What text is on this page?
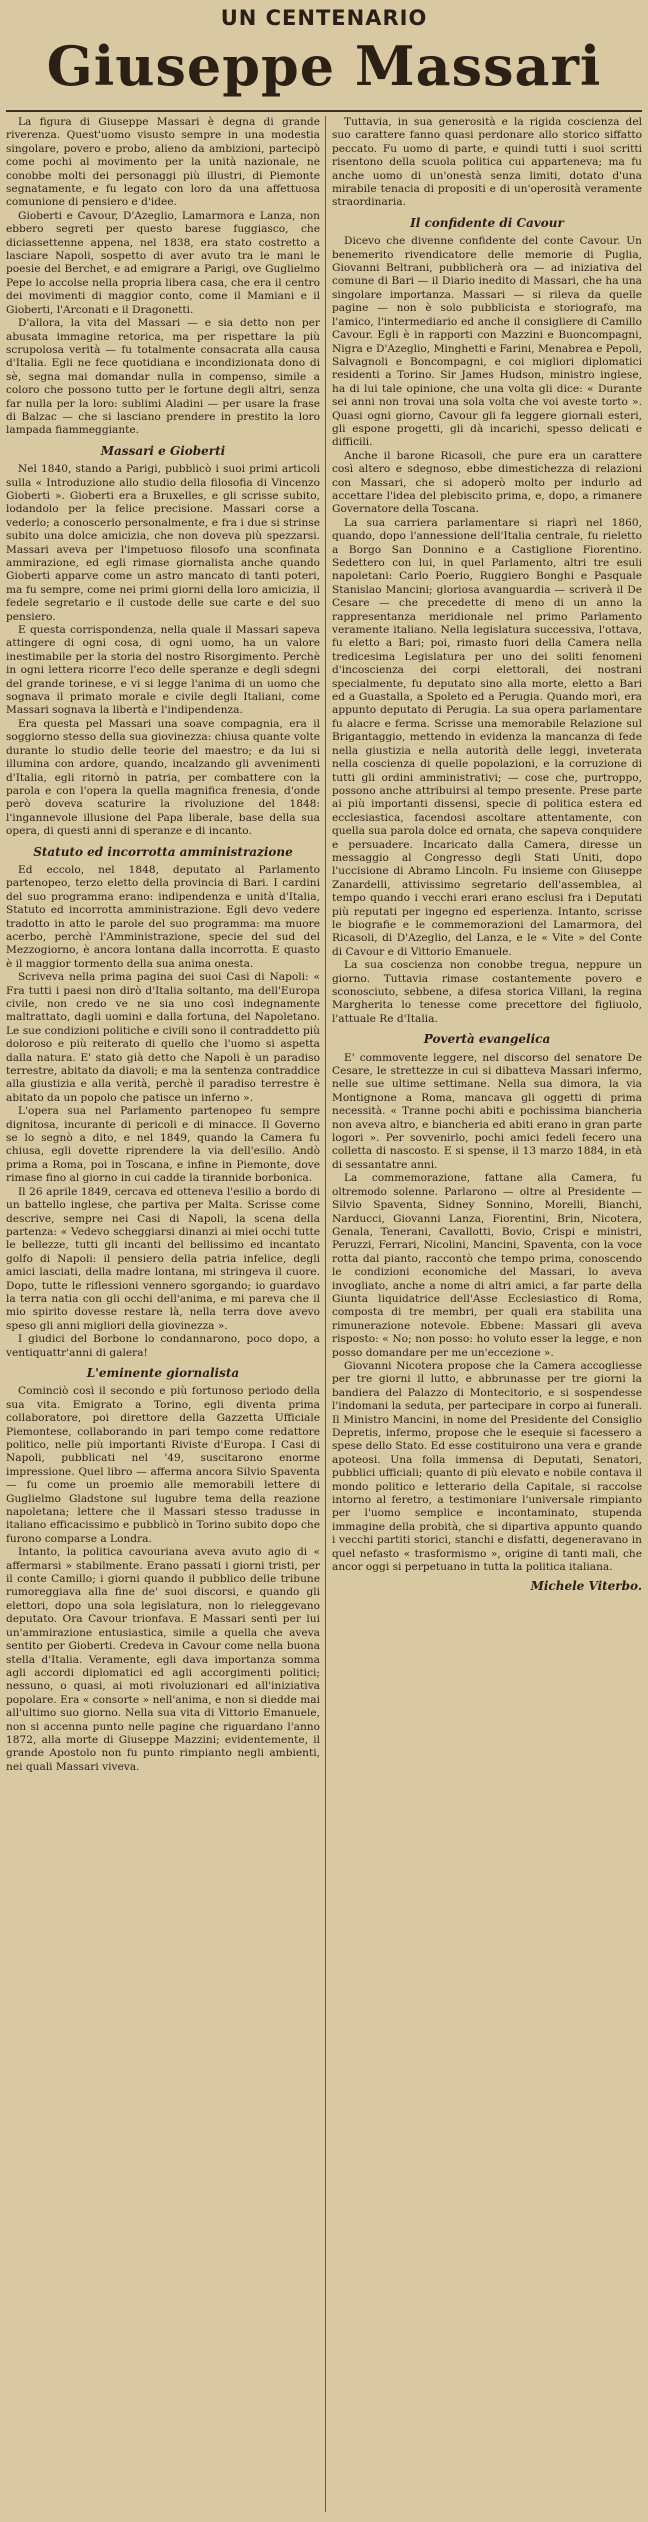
UN CENTENARIO
Giuseppe Massari

La figura di Giuseppe Massari è degna di grande riverenza. Quest'uomo visusto sempre in una modestia singolare, povero e probo, alieno da ambizioni, partecipò come pochi al movimento per la unità nazionale, ne conobbe molti dei personaggi più illustri, di Piemonte segnatamente, e fu legato con loro da una affettuosa comunione di pensiero e d'idee.

Gioberti e Cavour, D'Azeglio, Lamarmora e Lanza, non ebbero segreti per questo barese fuggiasco, che diciassettenne appena, nel 1838, era stato costretto a lasciare Napoli, sospetto di aver avuto tra le mani le poesie del Berchet, e ad emigrare a Parigi, ove Guglielmo Pepe lo accolse nella propria libera casa, che era il centro dei movimenti di maggior conto, come il Mamiani e il Gioberti, l'Arconati e il Dragonetti.

D'allora, la vita del Massari — e sia detto non per abusata immagine retorica, ma per rispettare la più scrupolosa verità — fu totalmente consacrata alla causa d'Italia. Egli ne fece quotidiana e incondizionata dono di sè, segna mai domandar nulla in compenso, simile a coloro che possono tutto per le fortune degli altri, senza far nulla per la loro: sublimi Aladini — per usare la frase di Balzac — che si lasciano prendere in prestito la loro lampada fiammeggiante.

Massari e Gioberti

Nel 1840, stando a Parigi, pubblicò i suoi primi articoli sulla « Introduzione allo studio della filosofia di Vincenzo Gioberti ». Gioberti era a Bruxelles, e gli scrisse subito, lodandolo per la felice precisione. Massari corse a vederlo; a conoscerlo personalmente, e fra i due si strinse subito una dolce amicizia, che non doveva più spezzarsi. Massari aveva per l'impetuoso filosofo una sconfinata ammirazione, ed egli rimase giornalista anche quando Gioberti apparve come un astro mancato di tanti poteri, ma fu sempre, come nei primi giorni della loro amicizia, il fedele segretario e il custode delle sue carte e del suo pensiero.

E questa corrispondenza, nella quale il Massari sapeva attingere di ogni cosa, di ogni uomo, ha un valore inestimabile per la storia del nostro Risorgimento. Perchè in ogni lettera ricorre l'eco delle speranze e degli sdegni del grande torinese, e vi si legge l'anima di un uomo che sognava il primato morale e civile degli Italiani, come Massari sognava la libertà e l'indipendenza.

Era questa pel Massari una soave compagnia, era il soggiorno stesso della sua giovinezza: chiusa quante volte durante lo studio delle teorie del maestro; e da lui si illumina con ardore, quando, incalzando gli avvenimenti d'Italia, egli ritornò in patria, per combattere con la parola e con l'opera la quella magnifica frenesia, d'onde però doveva scaturire la rivoluzione del 1848: l'ingannevole illusione del Papa liberale, base della sua opera, di questi anni di speranze e di incanto.

Statuto ed incorrotta amministrazione

Ed eccolo, nel 1848, deputato al Parlamento partenopeo, terzo eletto della provincia di Bari. I cardini del suo programma erano: indipendenza e unità d'Italia, Statuto ed incorrotta amministrazione. Egli devo vedere tradotto in atto le parole del suo programma: ma muore acerbo, perchè l'Amministrazione, specie del sud del Mezzogiorno, è ancora lontana dalla incorrotta. E quasto è il maggior tormento della sua anima onesta.

Scriveva nella prima pagina dei suoi Casi di Napoli: « Fra tutti i paesi non dirò d'Italia soltanto, ma dell'Europa civile, non credo ve ne sia uno così indegnamente maltrattato, dagli uomini e dalla fortuna, del Napoletano. Le sue condizioni politiche e civili sono il contraddetto più doloroso e più reiterato di quello che l'uomo si aspetta dalla natura. E' stato già detto che Napoli è un paradiso terrestre, abitato da diavoli; e ma la sentenza contraddice alla giustizia e alla verità, perchè il paradiso terrestre è abitato da un popolo che patisce un inferno ».

L'opera sua nel Parlamento partenopeo fu sempre dignitosa, incurante di pericoli e di minacce. Il Governo se lo segnò a dito, e nel 1849, quando la Camera fu chiusa, egli dovette riprendere la via dell'esilio. Andò prima a Roma, poi in Toscana, e infine in Piemonte, dove rimase fino al giorno in cui cadde la tirannide borbonica.

Il 26 aprile 1849, cercava ed otteneva l'esilio a bordo di un battello inglese, che partiva per Malta. Scrisse come descrive, sempre nei Casi di Napoli, la scena della partenza: « Vedevo scheggiarsi dinanzi ai miei occhi tutte le bellezze, tutti gli incanti del bellissimo ed incantato golfo di Napoli: il pensiero della patria infelice, degli amici lasciati, della madre lontana, mi stringeva il cuore. Dopo, tutte le riflessioni vennero sgorgando; io guardavo la terra natia con gli occhi dell'anima, e mi pareva che il mio spirito dovesse restare là, nella terra dove avevo speso gli anni migliori della giovinezza ».

I giudici del Borbone lo condannarono, poco dopo, a ventiquattr'anni di galera!

L'eminente giornalista

Cominciò così il secondo e più fortunoso periodo della sua vita. Emigrato a Torino, egli diventa prima collaboratore, poi direttore della Gazzetta Ufficiale Piemontese, collaborando in pari tempo come redattore politico, nelle più importanti Riviste d'Europa. I Casi di Napoli, pubblicati nel '49, suscitarono enorme impressione. Quel libro — afferma ancora Silvio Spaventa — fu come un proemio alle memorabili lettere di Guglielmo Gladstone sul lugubre tema della reazione napoletana; lettere che il Massari stesso tradusse in italiano efficacissimo e pubblicò in Torino subito dopo che furono comparse a Londra.

Intanto, la politica cavouriana aveva avuto agio di « affermarsi » stabilmente. Erano passati i giorni tristi, per il conte Camillo; i giorni quando il pubblico delle tribune rumoreggiava alla fine de' suoi discorsi, e quando gli elettori, dopo una sola legislatura, non lo rieleggevano deputato. Ora Cavour trionfava. E Massari sentì per lui un'ammirazione entusiastica, simile a quella che aveva sentito per Gioberti. Credeva in Cavour come nella buona stella d'Italia. Veramente, egli dava importanza somma agli accordi diplomatici ed agli accorgimenti politici; nessuno, o quasi, ai moti rivoluzionari ed all'iniziativa popolare. Era « consorte » nell'anima, e non si diedde mai all'ultimo suo giorno. Nella sua vita di Vittorio Emanuele, non si accenna punto nelle pagine che riguardano l'anno 1872, alla morte di Giuseppe Mazzini; evidentemente, il grande Apostolo non fu punto rimpianto negli ambienti, nei quali Massari viveva.

Tuttavia, in sua generosità e la rigida coscienza del suo carattere fanno quasi perdonare allo storico siffatto peccato. Fu uomo di parte, e quindi tutti i suoi scritti risentono della scuola politica cui apparteneva; ma fu anche uomo di un'onestà senza limiti, dotato d'una mirabile tenacia di propositi e di un'operosità veramente straordinaria.

Il confidente di Cavour

Dicevo che divenne confidente del conte Cavour. Un benemerito rivendicatore delle memorie di Puglia, Giovanni Beltrani, pubblicherà ora — ad iniziativa del comune di Bari — il Diario inedito di Massari, che ha una singolare importanza. Massari — si rileva da quelle pagine — non è solo pubblicista e storiografo, ma l'amico, l'intermediario ed anche il consigliere di Camillo Cavour. Egli è in rapporti con Mazzini e Buoncompagni, Nigra e D'Azeglio, Minghetti e Farini, Menabrea e Pepoli, Salvagnoli e Boncompagni, e coi migliori diplomatici residenti a Torino. Sir James Hudson, ministro inglese, ha di lui tale opinione, che una volta gli dice: « Durante sei anni non trovai una sola volta che voi aveste torto ». Quasi ogni giorno, Cavour gli fa leggere giornali esteri, gli espone progetti, gli dà incarichi, spesso delicati e difficili.

Anche il barone Ricasoli, che pure era un carattere così altero e sdegnoso, ebbe dimestichezza di relazioni con Massari, che si adoperò molto per indurlo ad accettare l'idea del plebiscito prima, e, dopo, a rimanere Governatore della Toscana.

La sua carriera parlamentare si riaprì nel 1860, quando, dopo l'annessione dell'Italia centrale, fu rieletto a Borgo San Donnino e a Castiglione Fiorentino. Sedettero con lui, in quel Parlamento, altri tre esuli napoletani: Carlo Poerio, Ruggiero Bonghi e Pasquale Stanislao Mancini; gloriosa avanguardia — scriverà il De Cesare — che precedette di meno di un anno la rappresentanza meridionale nel primo Parlamento veramente italiano. Nella legislatura successiva, l'ottava, fu eletto a Bari; poi, rimasto fuori della Camera nella tredicesima Legislatura per uno dei soliti fenomeni d'incoscienza dei corpi elettorali, dei nostrani specialmente, fu deputato sino alla morte, eletto a Bari ed a Guastalla, a Spoleto ed a Perugia. Quando morì, era appunto deputato di Perugia. La sua opera parlamentare fu alacre e ferma. Scrisse una memorabile Relazione sul Brigantaggio, mettendo in evidenza la mancanza di fede nella giustizia e nella autorità delle leggi, inveterata nella coscienza di quelle popolazioni, e la corruzione di tutti gli ordini amministrativi; — cose che, purtroppo, possono anche attribuirsi al tempo presente. Prese parte ai più importanti dissensi, specie di politica estera ed ecclesiastica, facendosi ascoltare attentamente, con quella sua parola dolce ed ornata, che sapeva conquidere e persuadere. Incaricato dalla Camera, diresse un messaggio al Congresso degli Stati Uniti, dopo l'uccisione di Abramo Lincoln. Fu insieme con Giuseppe Zanardelli, attivissimo segretario dell'assemblea, al tempo quando i vecchi erari erano esclusi fra i Deputati più reputati per ingegno ed esperienza. Intanto, scrisse le biografie e le commemorazioni del Lamarmora, del Ricasoli, di D'Azeglio, del Lanza, e le « Vite » del Conte di Cavour e di Vittorio Emanuele.

La sua coscienza non conobbe tregua, neppure un giorno. Tuttavia rimase costantemente povero e sconosciuto, sebbene, a difesa storica Villani, la regina Margherita lo tenesse come precettore del figliuolo, l'attuale Re d'Italia.

Povertà evangelica

E' commovente leggere, nel discorso del senatore De Cesare, le strettezze in cui si dibatteva Massari infermo, nelle sue ultime settimane. Nella sua dimora, la via Montignone a Roma, mancava gli oggetti di prima necessità. « Tranne pochi abiti e pochissima biancheria non aveva altro, e biancheria ed abiti erano in gran parte logori ». Per sovvenirlo, pochi amici fedeli fecero una colletta di nascosto. E si spense, il 13 marzo 1884, in età di sessantatre anni.

La commemorazione, fattane alla Camera, fu oltremodo solenne. Parlarono — oltre al Presidente — Silvio Spaventa, Sidney Sonnino, Morelli, Bianchi, Narducci, Giovanni Lanza, Fiorentini, Brin, Nicotera, Genala, Tenerani, Cavallotti, Bovio, Crispi e ministri, Peruzzi, Ferrari, Nicolini, Mancini, Spaventa, con la voce rotta dal pianto, raccontò che tempo prima, conoscendo le condizioni economiche del Massari, lo aveva invogliato, anche a nome di altri amici, a far parte della Giunta liquidatrice dell'Asse Ecclesiastico di Roma, composta di tre membri, per quali era stabilita una rimunerazione notevole. Ebbene: Massari gli aveva risposto: « No; non posso: ho voluto esser la legge, e non posso domandare per me un'eccezione ».

Giovanni Nicotera propose che la Camera accogliesse per tre giorni il lutto, e abbrunasse per tre giorni la bandiera del Palazzo di Montecitorio, e si sospendesse l'indomani la seduta, per partecipare in corpo ai funerali. Il Ministro Mancini, in nome del Presidente del Consiglio Depretis, infermo, propose che le esequie si facessero a spese dello Stato. Ed esse costituirono una vera e grande apoteosi. Una folla immensa di Deputati, Senatori, pubblici ufficiali; quanto di più elevato e nobile contava il mondo politico e letterario della Capitale, si raccolse intorno al feretro, a testimoniare l'universale rimpianto per l'uomo semplice e incontaminato, stupenda immagine della probità, che si dipartiva appunto quando i vecchi partiti storici, stanchi e disfatti, degeneravano in quel nefasto « trasformismo », origine di tanti mali, che ancor oggi si perpetuano in tutta la politica italiana.

Michele Viterbo.
